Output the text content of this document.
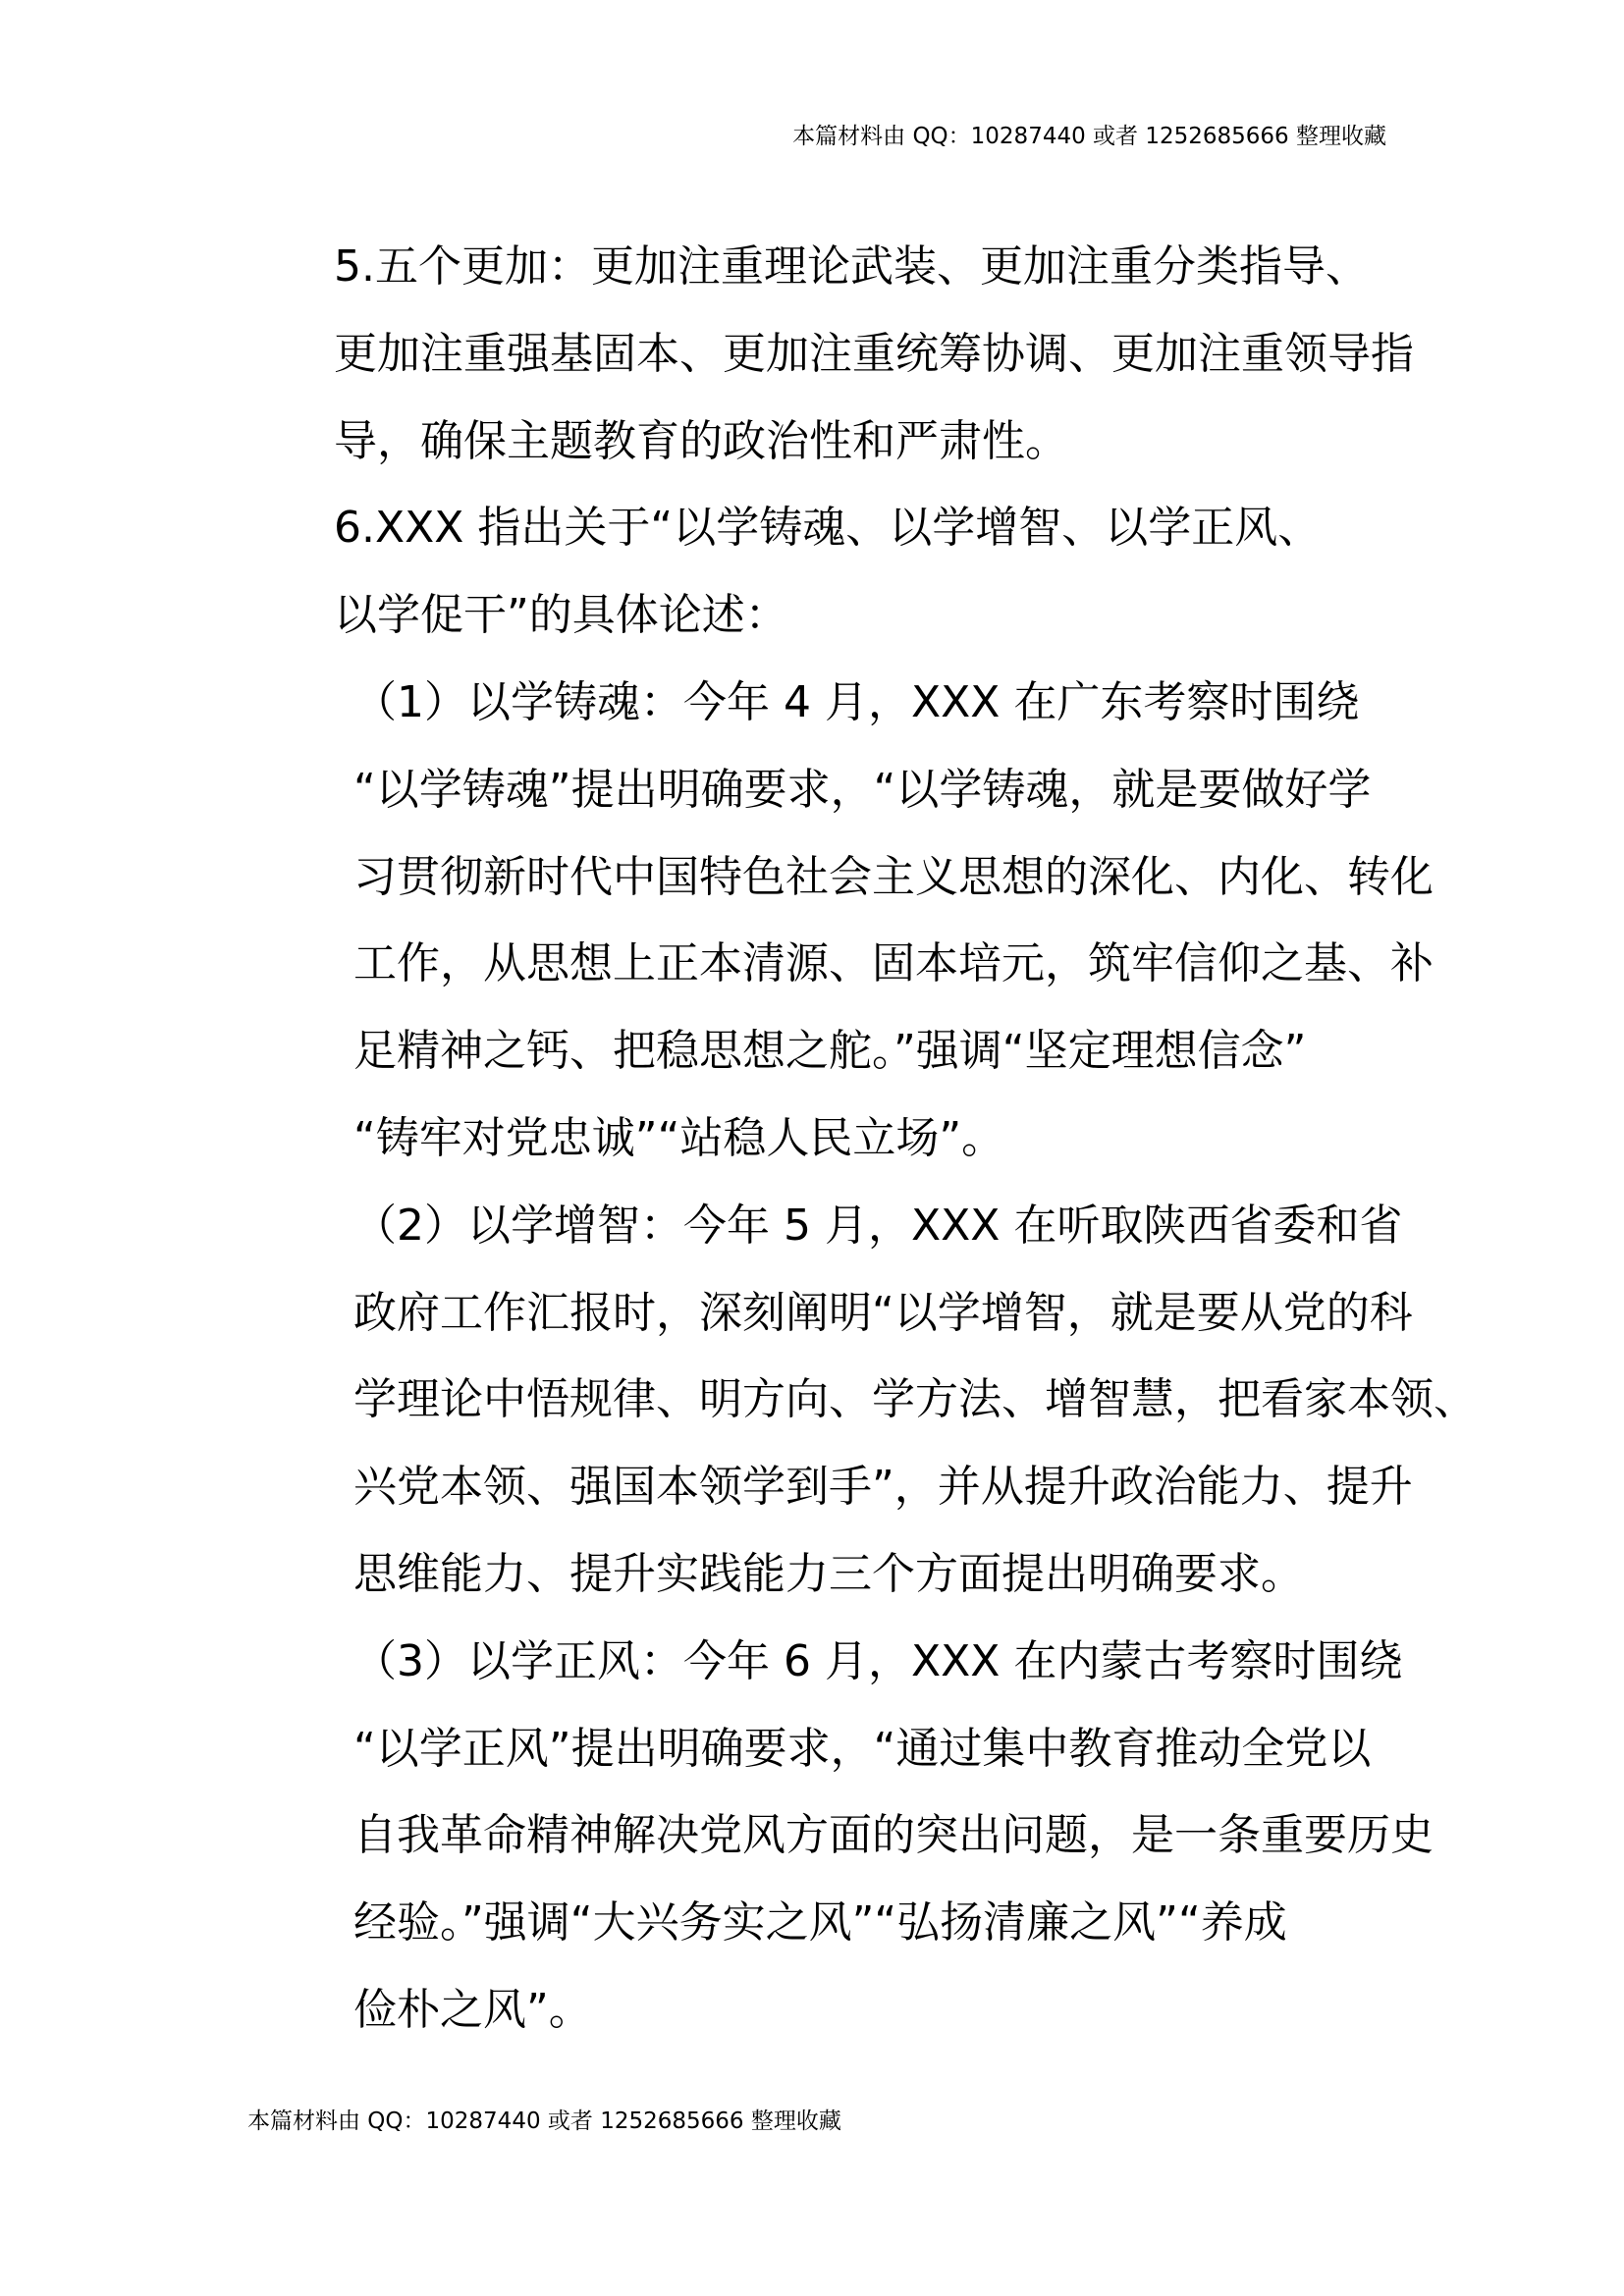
本篇材料由 QQ：10287440 或者 1252685666 整理收藏

5.五个更加：更加注重理论武装、更加注重分类指导、
更加注重强基固本、更加注重统筹协调、更加注重领导指
导，确保主题教育的政治性和严肃性。

6.XXX 指出关于“以学铸魂、以学增智、以学正风、
以学促干”的具体论述：

（1）以学铸魂：今年 4 月，XXX 在广东考察时围绕
“以学铸魂”提出明确要求，“以学铸魂，就是要做好学
习贯彻新时代中国特色社会主义思想的深化、内化、转化
工作，从思想上正本清源、固本培元，筑牢信仰之基、补
足精神之钙、把稳思想之舵。”强调“坚定理想信念”
“铸牢对党忠诚”“站稳人民立场”。

（2）以学增智：今年 5 月，XXX 在听取陕西省委和省
政府工作汇报时，深刻阐明“以学增智，就是要从党的科
学理论中悟规律、明方向、学方法、增智慧，把看家本领、
兴党本领、强国本领学到手”，并从提升政治能力、提升
思维能力、提升实践能力三个方面提出明确要求。

（3）以学正风：今年 6 月，XXX 在内蒙古考察时围绕
“以学正风”提出明确要求，“通过集中教育推动全党以
自我革命精神解决党风方面的突出问题，是一条重要历史
经验。”强调“大兴务实之风”“弘扬清廉之风”“养成
俭朴之风”。

本篇材料由 QQ：10287440 或者 1252685666 整理收藏
